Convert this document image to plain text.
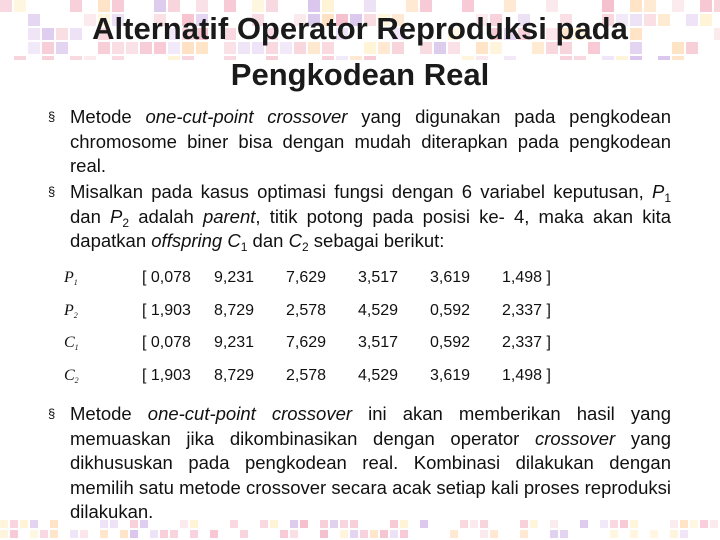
Alternatif Operator Reproduksi pada Pengkodean Real
§ Metode one-cut-point crossover yang digunakan pada pengkodean chromosome biner bisa dengan mudah diterapkan pada pengkodean real.
§ Misalkan pada kasus optimasi fungsi dengan 6 variabel keputusan, $P_1$ dan $P_2$ adalah parent, titik potong pada posisi ke- 4, maka akan kita dapatkan offspring $C_1$ dan $C_2$ sebagai berikut:
$P_1$	[ 0,078	9,231	7,629	3,517	3,619	1,498 ]
$P_2$	[ 1,903	8,729	2,578	4,529	0,592	2,337 ]
$C_1$	[ 0,078	9,231	7,629	3,517	0,592	2,337 ]
$C_2$	[ 1,903	8,729	2,578	4,529	3,619	1,498 ]
§ Metode one-cut-point crossover ini akan memberikan hasil yang memuaskan jika dikombinasikan dengan operator crossover yang dikhususkan pada pengkodean real. Kombinasi dilakukan dengan memilih satu metode crossover secara acak setiap kali proses reproduksi dilakukan.
